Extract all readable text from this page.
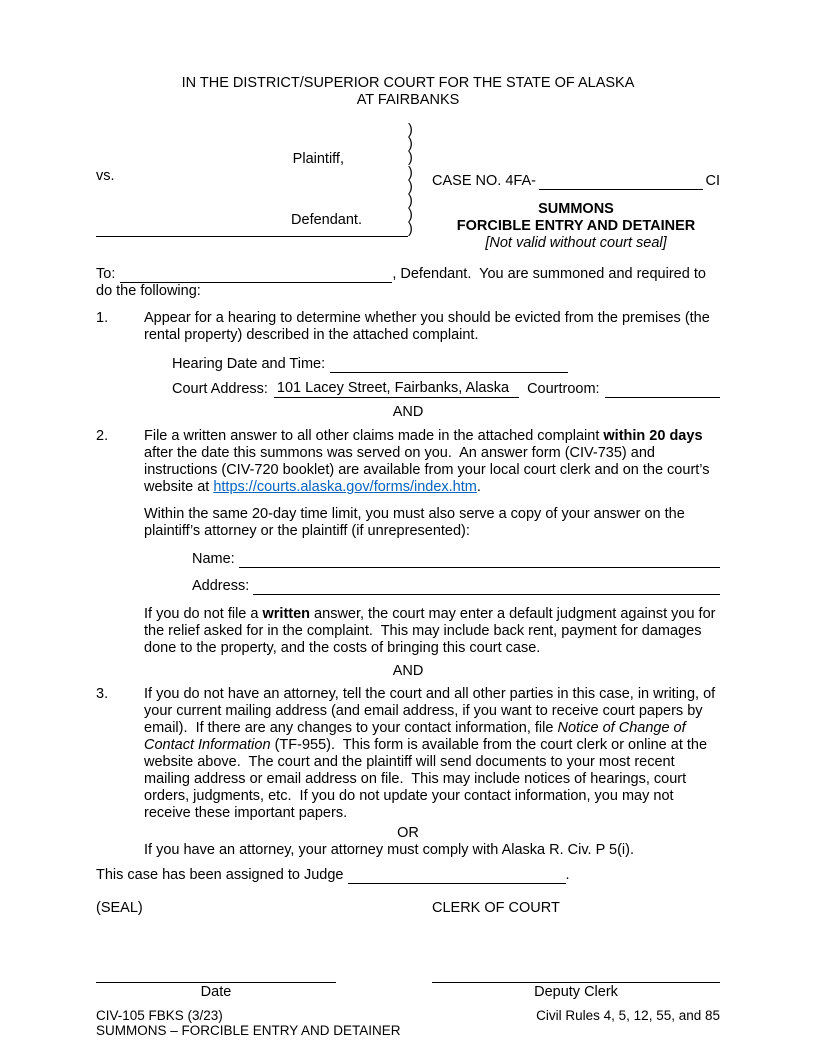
IN THE DISTRICT/SUPERIOR COURT FOR THE STATE OF ALASKA
AT FAIRBANKS
Plaintiff,
vs.
Defendant.
)
)
)
)
)
)
)
)
CASE NO. 4FA-	CI
SUMMONS
FORCIBLE ENTRY AND DETAINER
[Not valid without court seal]

To:	, Defendant.  You are summoned and required to do the following:

1.	Appear for a hearing to determine whether you should be evicted from the premises (the rental property) described in the attached complaint.

Hearing Date and Time:
Court Address: 101 Lacey Street, Fairbanks, Alaska	Courtroom:
AND
2.	File a written answer to all other claims made in the attached complaint within 20 days after the date this summons was served on you.  An answer form (CIV-735) and instructions (CIV-720 booklet) are available from your local court clerk and on the court’s website at https://courts.alaska.gov/forms/index.htm.

Within the same 20-day time limit, you must also serve a copy of your answer on the plaintiff’s attorney or the plaintiff (if unrepresented):

Name:
Address:

If you do not file a written answer, the court may enter a default judgment against you for the relief asked for in the complaint.  This may include back rent, payment for damages done to the property, and the costs of bringing this court case.

AND
3.	If you do not have an attorney, tell the court and all other parties in this case, in writing, of your current mailing address (and email address, if you want to receive court papers by email).  If there are any changes to your contact information, file Notice of Change of Contact Information (TF-955).  This form is available from the court clerk or online at the website above.  The court and the plaintiff will send documents to your most recent mailing address or email address on file.  This may include notices of hearings, court orders, judgments, etc.  If you do not update your contact information, you may not receive these important papers.

OR

If you have an attorney, your attorney must comply with Alaska R. Civ. P 5(i).

This case has been assigned to Judge	.

(SEAL)	CLERK OF COURT
Date	Deputy Clerk
CIV-105 FBKS (3/23)	Civil Rules 4, 5, 12, 55, and 85
SUMMONS – FORCIBLE ENTRY AND DETAINER
